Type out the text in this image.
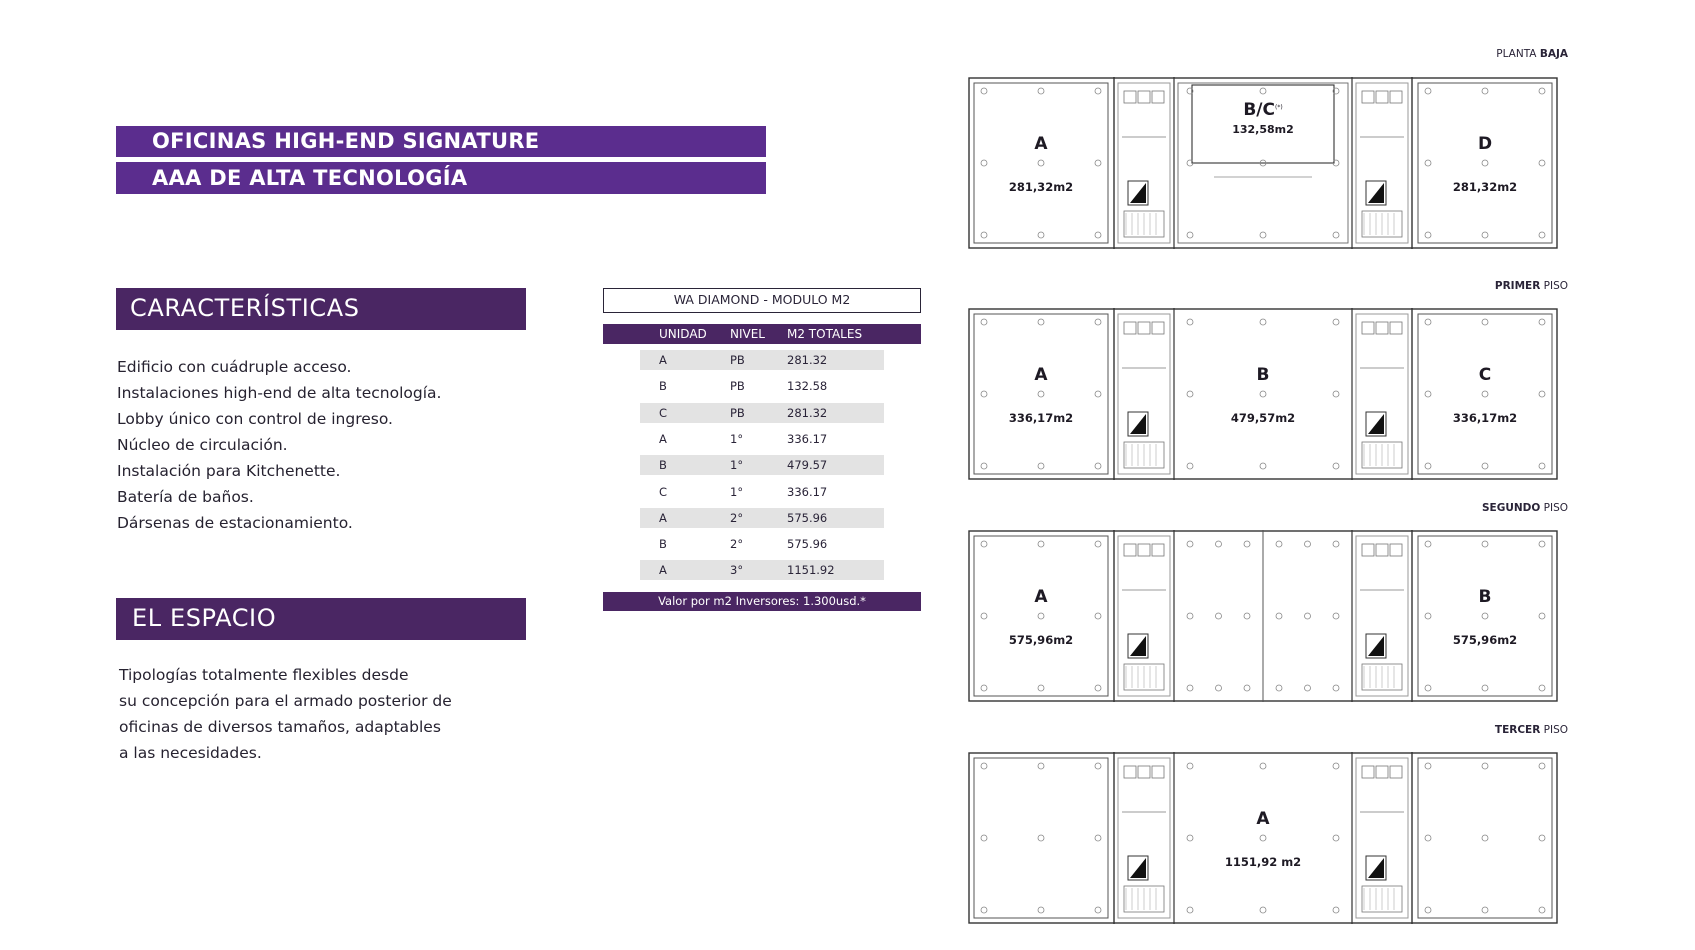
OFICINAS HIGH-END SIGNATURE
AAA DE ALTA TECNOLOGÍA
CARACTERÍSTICAS
Edificio con cuádruple acceso.
Instalaciones high-end de alta tecnología.
Lobby único con control de ingreso.
Núcleo de circulación.
Instalación para Kitchenette.
Batería de baños.
Dársenas de estacionamiento.
EL ESPACIO
Tipologías totalmente flexibles desde
su concepción para el armado posterior de
oficinas de diversos tamaños, adaptables
a las necesidades.
WA DIAMOND - MODULO M2
UNIDAD NIVEL M2 TOTALES
A	PB	281.32
B	PB	132.58
C	PB	281.32
A	1°	336.17
B	1°	479.57
C	1°	336.17
A	2°	575.96
B	2°	575.96
A	3°	1151.92
Valor por m2 Inversores: 1.300usd.*
PLANTA BAJA
A
281,32m2
B/C(*)
132,58m2
D
281,32m2
PRIMER PISO
A
336,17m2
B
479,57m2
C
336,17m2
SEGUNDO PISO
A
575,96m2
B
575,96m2
TERCER PISO
A
1151,92 m2
